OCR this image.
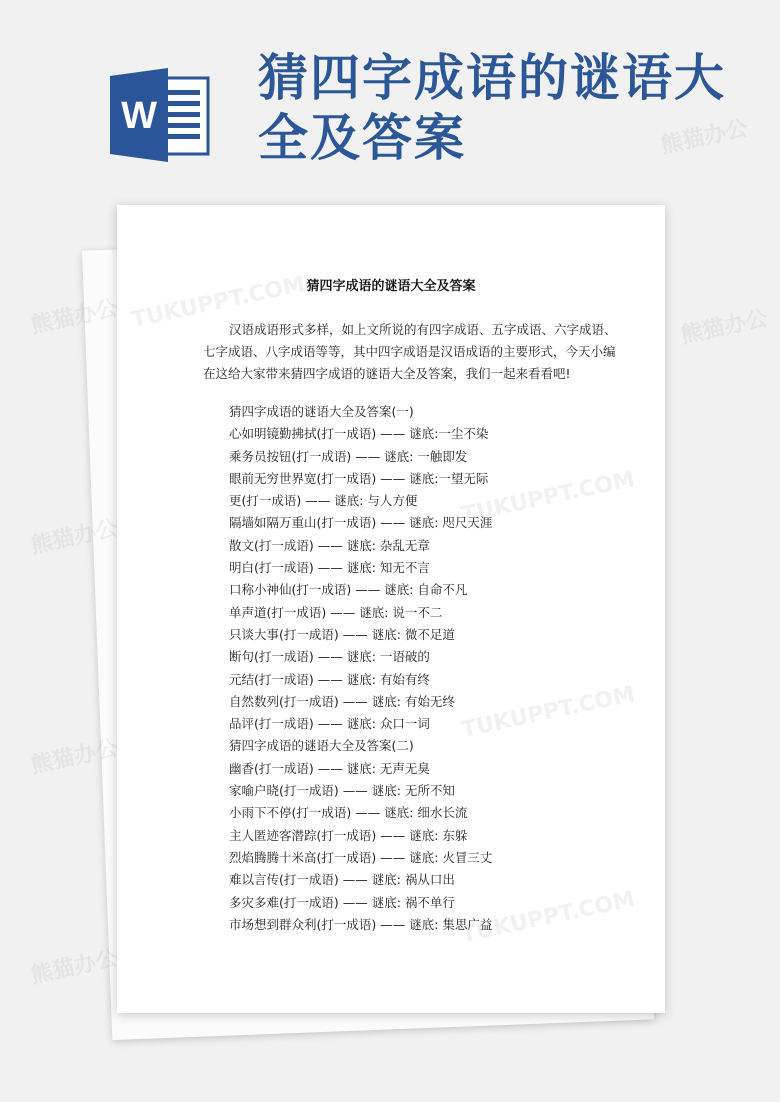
W
猜四字成语的谜语大全及答案
猜四字成语的谜语大全及答案

汉语成语形式多样，如上文所说的有四字成语、五字成语、六字成语、七字成语、八字成语等等，其中四字成语是汉语成语的主要形式，今天小编在这给大家带来猜四字成语的谜语大全及答案，我们一起来看看吧!

猜四字成语的谜语大全及答案(一)
心如明镜勤拂拭(打一成语) —— 谜底:一尘不染
乘务员按钮(打一成语) —— 谜底: 一触即发
眼前无穷世界宽(打一成语) —— 谜底:一望无际
更(打一成语) —— 谜底: 与人方便
隔墙如隔万重山(打一成语) —— 谜底: 咫尺天涯
散文(打一成语) —— 谜底: 杂乱无章
明白(打一成语) —— 谜底: 知无不言
口称小神仙(打一成语) —— 谜底: 自命不凡
单声道(打一成语) —— 谜底: 说一不二
只谈大事(打一成语) —— 谜底: 微不足道
断句(打一成语) —— 谜底: 一语破的
元结(打一成语) —— 谜底: 有始有终
自然数列(打一成语) —— 谜底: 有始无终
品评(打一成语) —— 谜底: 众口一词
猜四字成语的谜语大全及答案(二)
幽香(打一成语) —— 谜底: 无声无臭
家喻户晓(打一成语) —— 谜底: 无所不知
小雨下不停(打一成语) —— 谜底: 细水长流
主人匿迹客潜踪(打一成语) —— 谜底: 东躲
烈焰腾腾十米高(打一成语) —— 谜底: 火冒三丈
难以言传(打一成语) —— 谜底: 祸从口出
多灾多难(打一成语) —— 谜底: 祸不单行
市场想到群众利(打一成语) —— 谜底: 集思广益
熊猫办公	熊猫办公
熊猫办公
熊猫办公
熊猫办公
熊猫办公
